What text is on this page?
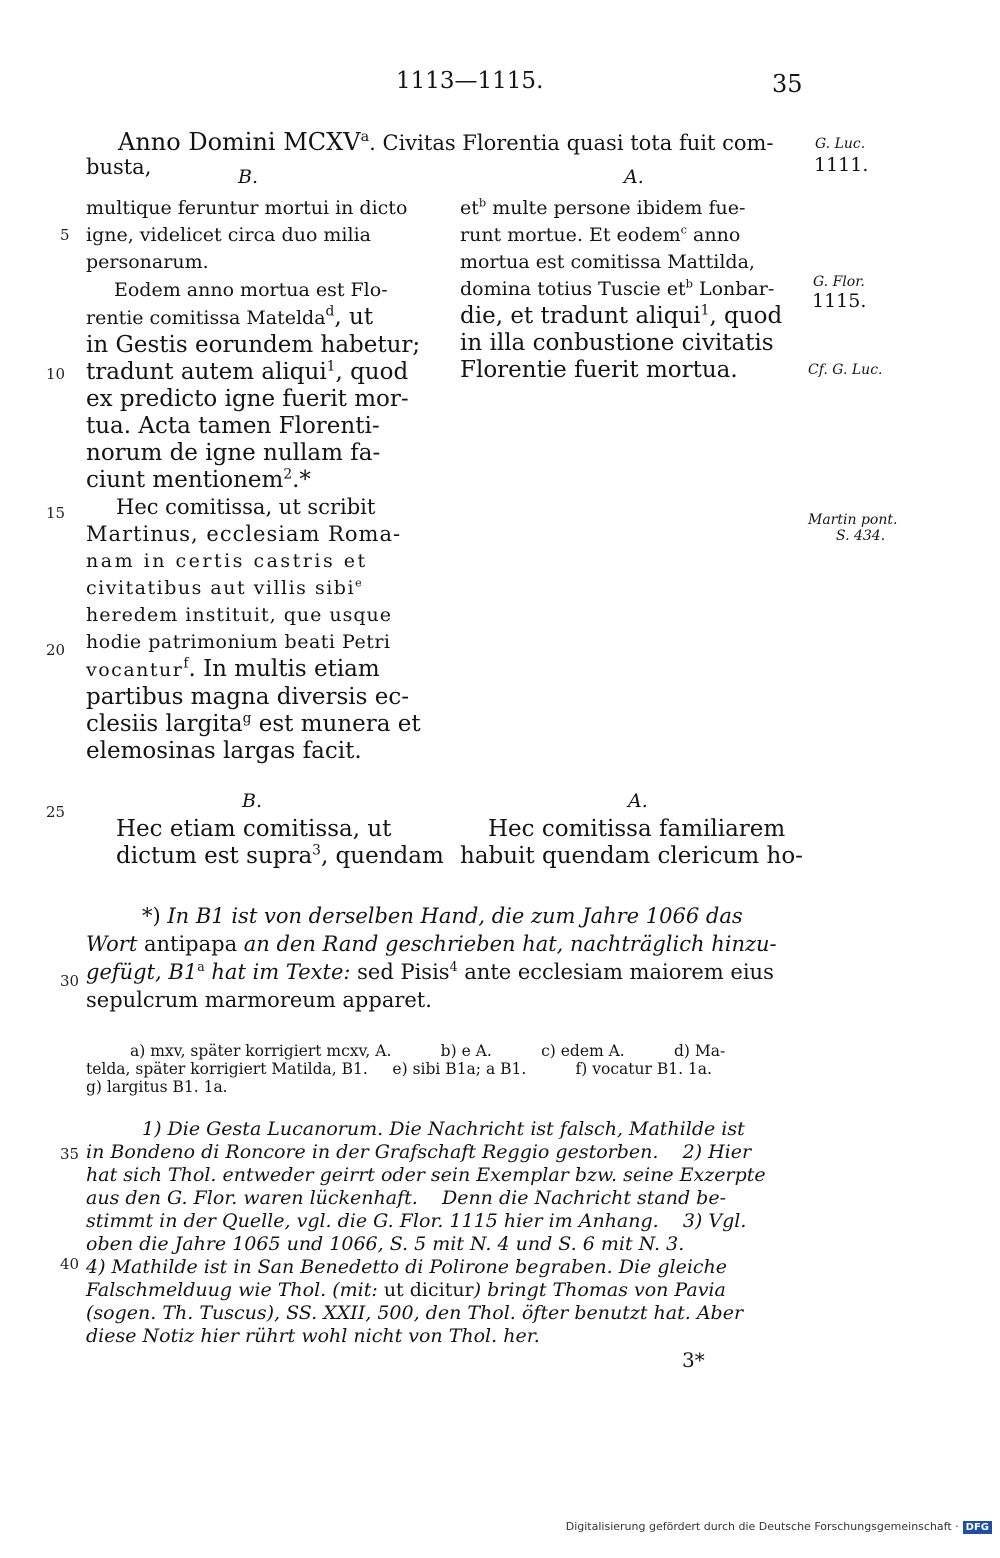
1113—1115.	35
5
10
15
20
25
30
35
40
Anno Domini MCXV$^a$. Civitas Florentia quasi tota fuit com-
busta,	B.	A.
G. Luc.
1111.
G. Flor.
1115.
Cf. G. Luc.
Martin pont.
S. 434.
multique feruntur mortui in dicto
igne, videlicet circa duo milia
personarum.
Eodem anno mortua est Flo-
rentie comitissa Matelda$^d$, ut
in Gestis eorundem habetur;
tradunt autem aliqui$^1$, quod
ex predicto igne fuerit mor-
tua. Acta tamen Florenti-
norum de igne nullam fa-
ciunt mentionem$^2$.*
Hec comitissa, ut scribit
Martinus, ecclesiam Roma-
nam in certis castris et
civitatibus aut villis sibi$^e$
heredem instituit, que usque
hodie patrimonium beati Petri
vocantur$^f$. In multis etiam
partibus magna diversis ec-
clesiis largita$^g$ est munera et
elemosinas largas facit.
$et^b$ multe persone ibidem fue-
runt mortue. Et eodem$^c$ anno
mortua est comitissa Mattilda,
domina totius Tuscie $et^b$ Lonbar-
die, et tradunt aliqui$^1$, quod
in illa conbustione civitatis
Florentie fuerit mortua.
B.	A.
Hec etiam comitissa, ut
dictum est supra$^3$, quendam
Hec comitissa familiarem
habuit quendam clericum ho-
*) In B1 ist von derselben Hand, die zum Jahre 1066 das
Wort antipapa an den Rand geschrieben hat, nachträglich hinzu-
gefügt, B1$^a$ hat im Texte: sed Pisis$^4$ ante ecclesiam maiorem eius
sepulcrum marmoreum apparet.
a) mxv, später korrigiert mcxv, A.          b) e A.          c) edem A.          d) Ma-
telda, später korrigiert Matilda, B1.     e) sibi B1a; a B1.          f) vocatur B1. 1a.
g) largitus B1. 1a.
1) Die Gesta Lucanorum. Die Nachricht ist falsch, Mathilde ist
in Bondeno di Roncore in der Grafschaft Reggio gestorben.    2) Hier
hat sich Thol. entweder geirrt oder sein Exemplar bzw. seine Exzerpte
aus den G. Flor. waren lückenhaft.    Denn die Nachricht stand be-
stimmt in der Quelle, vgl. die G. Flor. 1115 hier im Anhang.    3) Vgl.
oben die Jahre 1065 und 1066, S. 5 mit N. 4 und S. 6 mit N. 3.
4) Mathilde ist in San Benedetto di Polirone begraben. Die gleiche
Falschmelduug wie Thol. (mit: ut dicitur) bringt Thomas von Pavia
(sogen. Th. Tuscus), SS. XXII, 500, den Thol. öfter benutzt hat. Aber
diese Notiz hier rührt wohl nicht von Thol. her.
3*
Digitalisierung gefördert durch die Deutsche Forschungsgemeinschaft · DFG
